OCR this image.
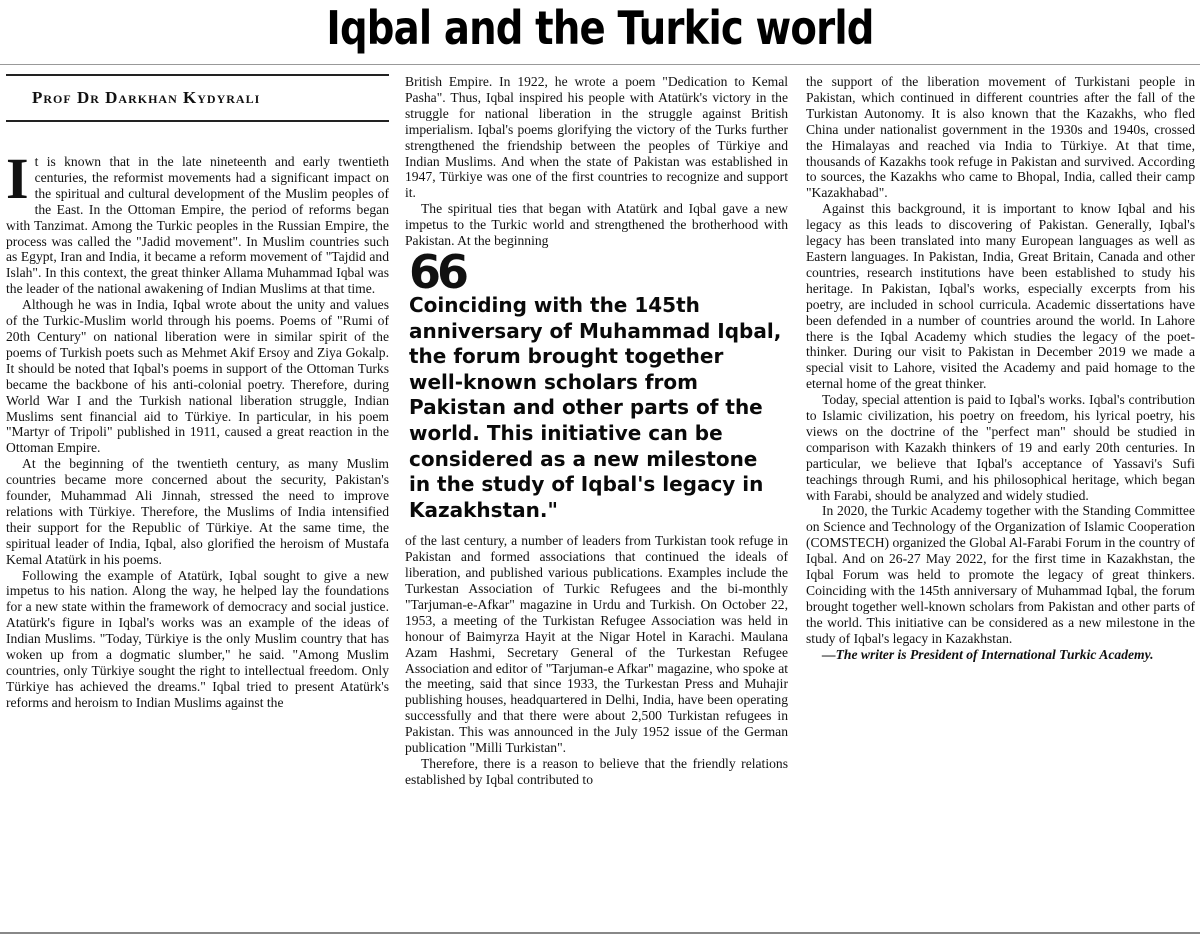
Iqbal and the Turkic world
Prof Dr Darkhan Kydyrali

It is known that in the late nineteenth and early twentieth centuries, the reformist movements had a significant impact on the spiritual and cultural development of the Muslim peoples of the East. In the Ottoman Empire, the period of reforms began with Tanzimat. Among the Turkic peoples in the Russian Empire, the process was called the "Jadid movement". In Muslim countries such as Egypt, Iran and India, it became a reform movement of "Tajdid and Islah". In this context, the great thinker Allama Muhammad Iqbal was the leader of the national awakening of Indian Muslims at that time.

Although he was in India, Iqbal wrote about the unity and values of the Turkic-Muslim world through his poems. Poems of "Rumi of 20th Century" on national liberation were in similar spirit of the poems of Turkish poets such as Mehmet Akif Ersoy and Ziya Gokalp. It should be noted that Iqbal's poems in support of the Ottoman Turks became the backbone of his anti-colonial poetry. Therefore, during World War I and the Turkish national liberation struggle, Indian Muslims sent financial aid to Türkiye. In particular, in his poem "Martyr of Tripoli" published in 1911, caused a great reaction in the Ottoman Empire.

At the beginning of the twentieth century, as many Muslim countries became more concerned about the security, Pakistan's founder, Muhammad Ali Jinnah, stressed the need to improve relations with Türkiye. Therefore, the Muslims of India intensified their support for the Republic of Türkiye. At the same time, the spiritual leader of India, Iqbal, also glorified the heroism of Mustafa Kemal Atatürk in his poems.

Following the example of Atatürk, Iqbal sought to give a new impetus to his nation. Along the way, he helped lay the foundations for a new state within the framework of democracy and social justice. Atatürk's figure in Iqbal's works was an example of the ideas of Indian Muslims. "Today, Türkiye is the only Muslim country that has woken up from a dogmatic slumber," he said. "Among Muslim countries, only Türkiye sought the right to intellectual freedom. Only Türkiye has achieved the dreams." Iqbal tried to present Atatürk's reforms and heroism to Indian Muslims against the

British Empire. In 1922, he wrote a poem "Dedication to Kemal Pasha". Thus, Iqbal inspired his people with Atatürk's victory in the struggle for national liberation in the struggle against British imperialism. Iqbal's poems glorifying the victory of the Turks further strengthened the friendship between the peoples of Türkiye and Indian Muslims. And when the state of Pakistan was established in 1947, Türkiye was one of the first countries to recognize and support it.

The spiritual ties that began with Atatürk and Iqbal gave a new impetus to the Turkic world and strengthened the brotherhood with Pakistan. At the beginning

66
Coinciding with the 145th anniversary of Muhammad Iqbal, the forum brought together well-known scholars from Pakistan and other parts of the world. This initiative can be considered as a new milestone in the study of Iqbal's legacy in Kazakhstan."

of the last century, a number of leaders from Turkistan took refuge in Pakistan and formed associations that continued the ideals of liberation, and published various publications. Examples include the Turkestan Association of Turkic Refugees and the bi-monthly "Tarjuman-e-Afkar" magazine in Urdu and Turkish. On October 22, 1953, a meeting of the Turkistan Refugee Association was held in honour of Baimyrza Hayit at the Nigar Hotel in Karachi. Maulana Azam Hashmi, Secretary General of the Turkestan Refugee Association and editor of "Tarjuman-e Afkar" magazine, who spoke at the meeting, said that since 1933, the Turkestan Press and Muhajir publishing houses, headquartered in Delhi, India, have been operating successfully and that there were about 2,500 Turkistan refugees in Pakistan. This was announced in the July 1952 issue of the German publication "Milli Turkistan".

Therefore, there is a reason to believe that the friendly relations established by Iqbal contributed to

the support of the liberation movement of Turkistani people in Pakistan, which continued in different countries after the fall of the Turkistan Autonomy. It is also known that the Kazakhs, who fled China under nationalist government in the 1930s and 1940s, crossed the Himalayas and reached via India to Türkiye. At that time, thousands of Kazakhs took refuge in Pakistan and survived. According to sources, the Kazakhs who came to Bhopal, India, called their camp "Kazakhabad".

Against this background, it is important to know Iqbal and his legacy as this leads to discovering of Pakistan. Generally, Iqbal's legacy has been translated into many European languages as well as Eastern languages. In Pakistan, India, Great Britain, Canada and other countries, research institutions have been established to study his heritage. In Pakistan, Iqbal's works, especially excerpts from his poetry, are included in school curricula. Academic dissertations have been defended in a number of countries around the world. In Lahore there is the Iqbal Academy which studies the legacy of the poet-thinker. During our visit to Pakistan in December 2019 we made a special visit to Lahore, visited the Academy and paid homage to the eternal home of the great thinker.

Today, special attention is paid to Iqbal's works. Iqbal's contribution to Islamic civilization, his poetry on freedom, his lyrical poetry, his views on the doctrine of the "perfect man" should be studied in comparison with Kazakh thinkers of 19 and early 20th centuries. In particular, we believe that Iqbal's acceptance of Yassavi's Sufi teachings through Rumi, and his philosophical heritage, which began with Farabi, should be analyzed and widely studied.

In 2020, the Turkic Academy together with the Standing Committee on Science and Technology of the Organization of Islamic Cooperation (COMSTECH) organized the Global Al-Farabi Forum in the country of Iqbal. And on 26-27 May 2022, for the first time in Kazakhstan, the Iqbal Forum was held to promote the legacy of great thinkers. Coinciding with the 145th anniversary of Muhammad Iqbal, the forum brought together well-known scholars from Pakistan and other parts of the world. This initiative can be considered as a new milestone in the study of Iqbal's legacy in Kazakhstan.

—The writer is President of International Turkic Academy.
